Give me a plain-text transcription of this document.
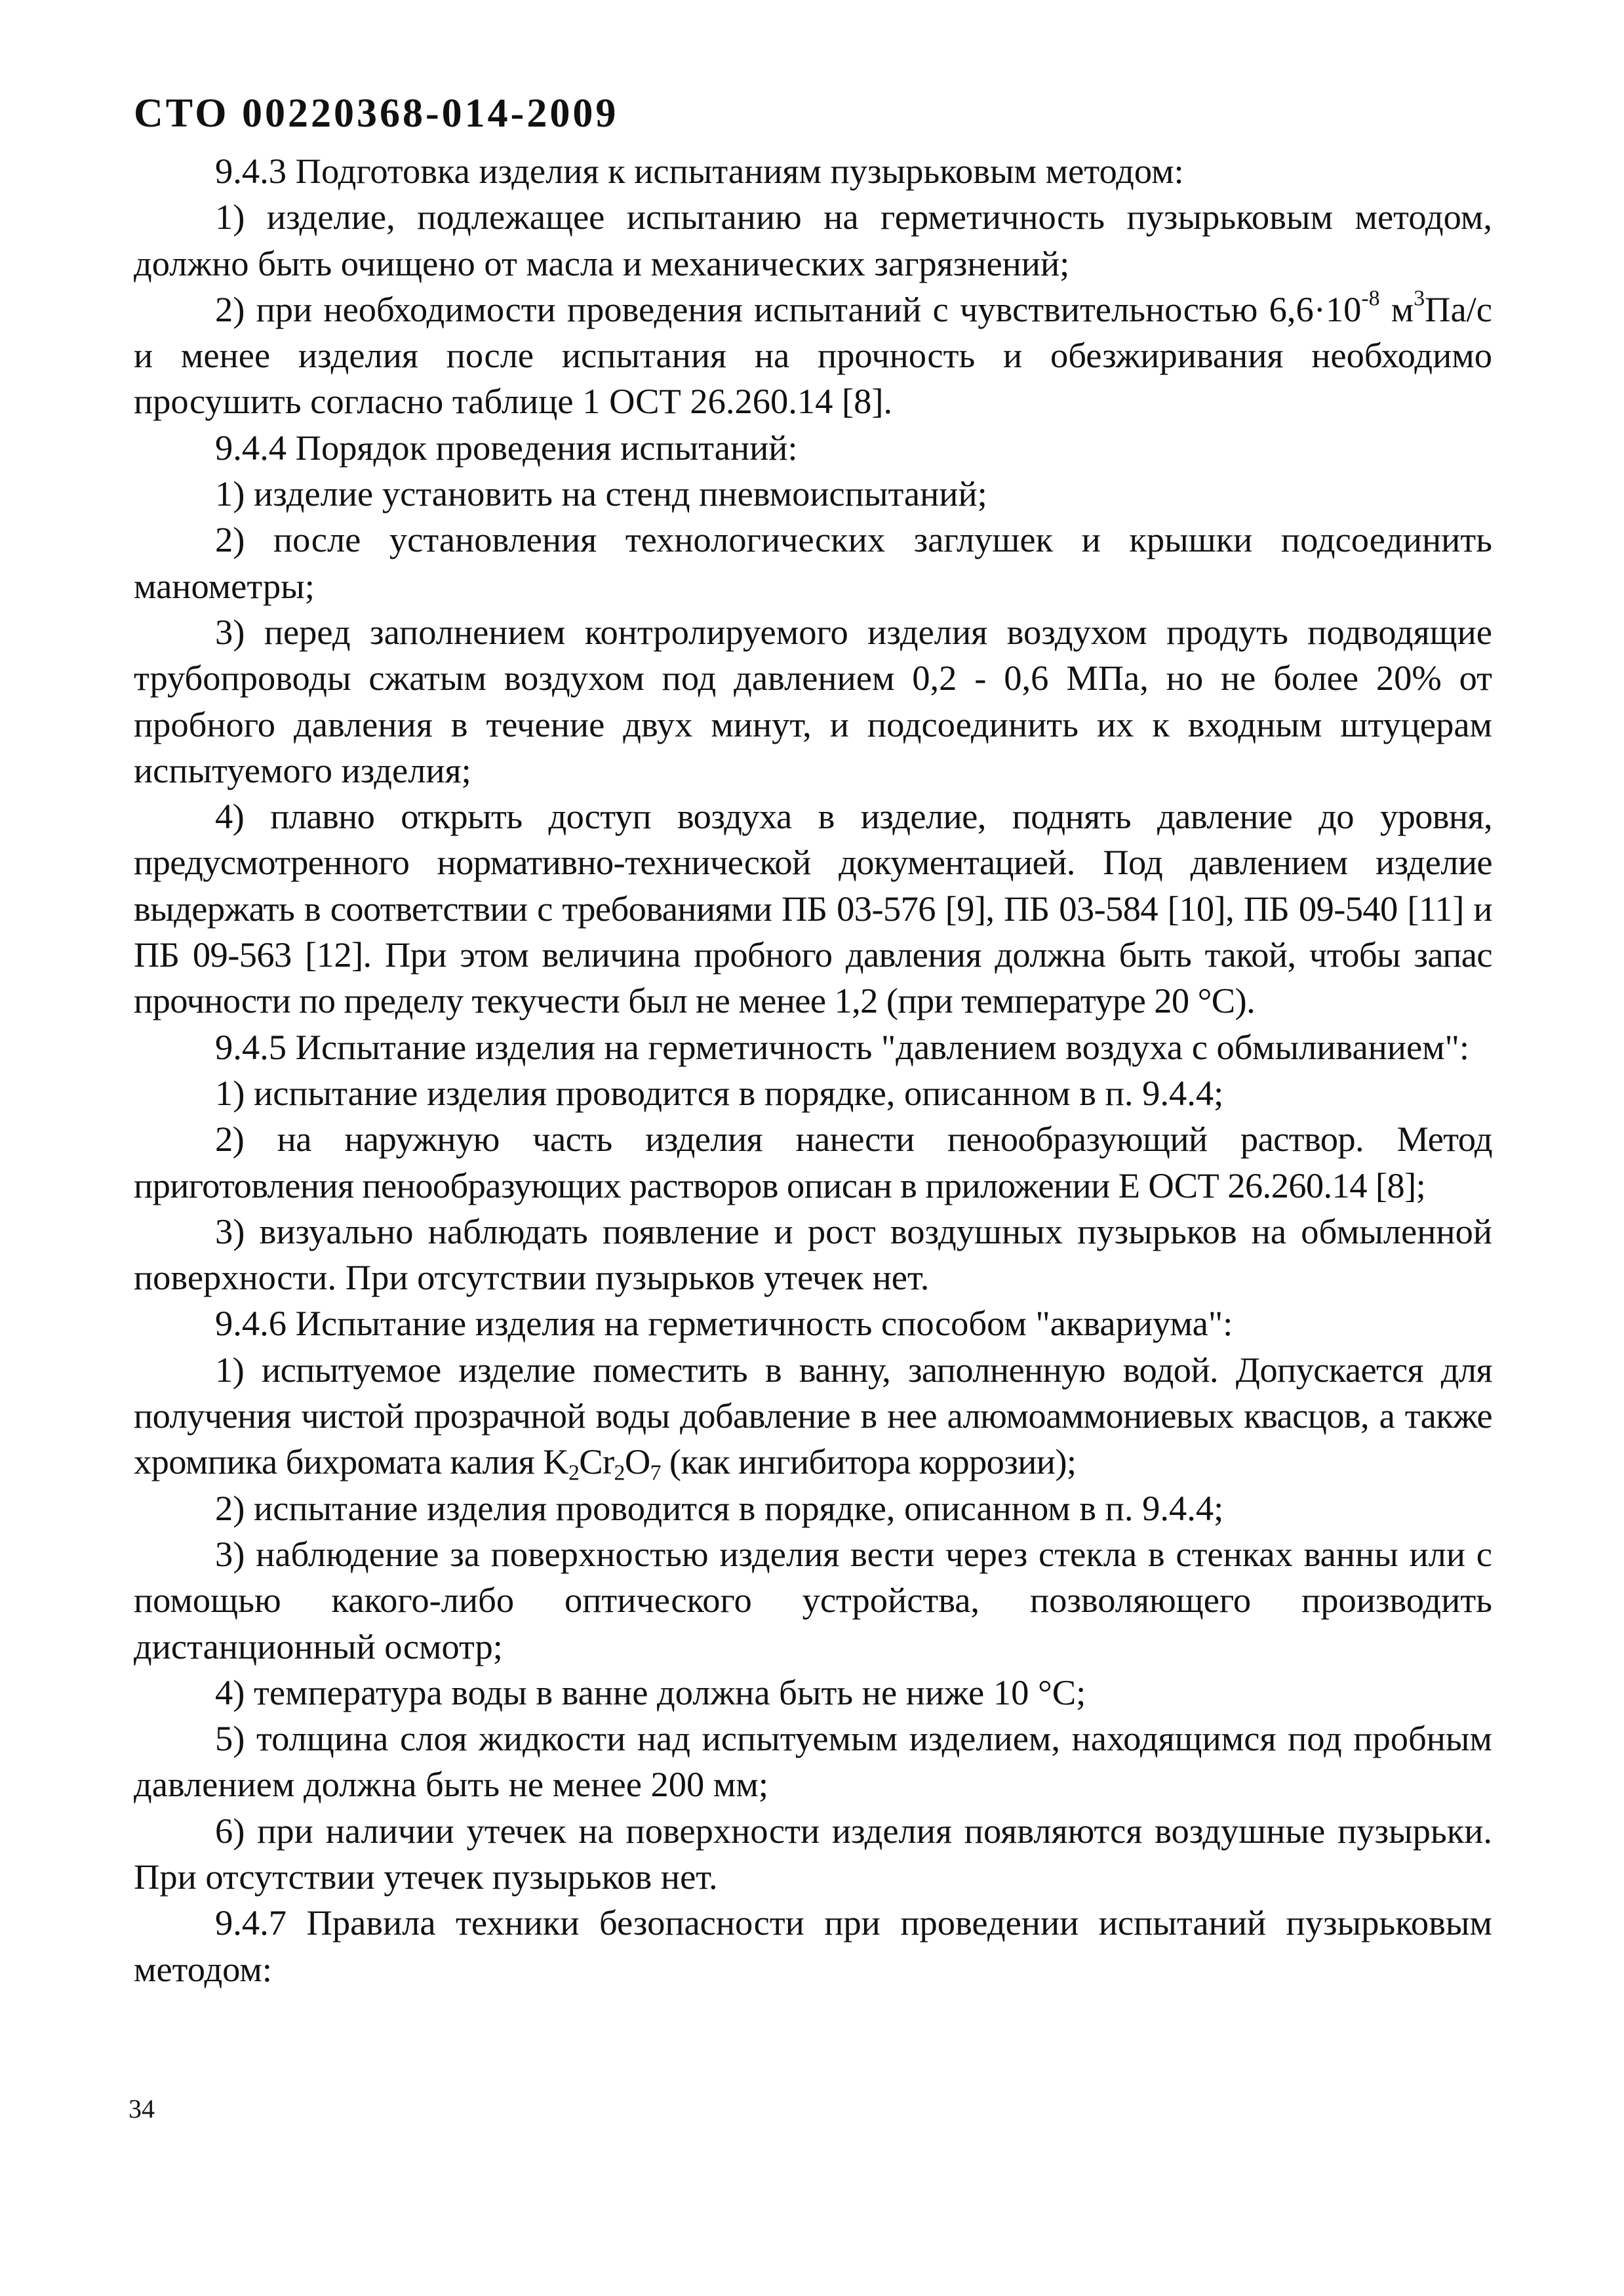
СТО 00220368-014-2009

9.4.3 Подготовка изделия к испытаниям пузырьковым методом:

1) изделие, подлежащее испытанию на герметичность пузырьковым методом, должно быть очищено от масла и механических загрязнений;

2) при необходимости проведения испытаний с чувствительностью $6,6\cdot 10^{-8}$ $м^3Па/с$ и менее изделия после испытания на прочность и обезжиривания необходимо просушить согласно таблице 1 ОСТ 26.260.14 [8].

9.4.4 Порядок проведения испытаний:

1) изделие установить на стенд пневмоиспытаний;

2) после установления технологических заглушек и крышки подсоединить манометры;

3) перед заполнением контролируемого изделия воздухом продуть подводящие трубопроводы сжатым воздухом под давлением 0,2 - 0,6 МПа, но не более 20% от пробного давления в течение двух минут, и подсоединить их к входным штуцерам испытуемого изделия;

4) плавно открыть доступ воздуха в изделие, поднять давление до уровня, предусмотренного нормативно-технической документацией. Под давлением изделие выдержать в соответствии с требованиями ПБ 03-576 [9], ПБ 03-584 [10], ПБ 09-540 [11] и ПБ 09-563 [12]. При этом величина пробного давления должна быть такой, чтобы запас прочности по пределу текучести был не менее 1,2 (при температуре 20 °С).

9.4.5 Испытание изделия на герметичность "давлением воздуха с обмыливанием":

1) испытание изделия проводится в порядке, описанном в п. 9.4.4;

2) на наружную часть изделия нанести пенообразующий раствор. Метод приготовления пенообразующих растворов описан в приложении Е ОСТ 26.260.14 [8];

3) визуально наблюдать появление и рост воздушных пузырьков на обмыленной поверхности. При отсутствии пузырьков утечек нет.

9.4.6 Испытание изделия на герметичность способом "аквариума":

1) испытуемое изделие поместить в ванну, заполненную водой. Допускается для получения чистой прозрачной воды добавление в нее алюмоаммониевых квасцов, а также хромпика бихромата калия $K_2Cr_2O_7$ (как ингибитора коррозии);

2) испытание изделия проводится в порядке, описанном в п. 9.4.4;

3) наблюдение за поверхностью изделия вести через стекла в стенках ванны или с помощью какого-либо оптического устройства, позволяющего производить дистанционный осмотр;

4) температура воды в ванне должна быть не ниже 10 °С;

5) толщина слоя жидкости над испытуемым изделием, находящимся под пробным давлением должна быть не менее 200 мм;

6) при наличии утечек на поверхности изделия появляются воздушные пузырьки. При отсутствии утечек пузырьков нет.

9.4.7 Правила техники безопасности при проведении испытаний пузырьковым методом:

34
